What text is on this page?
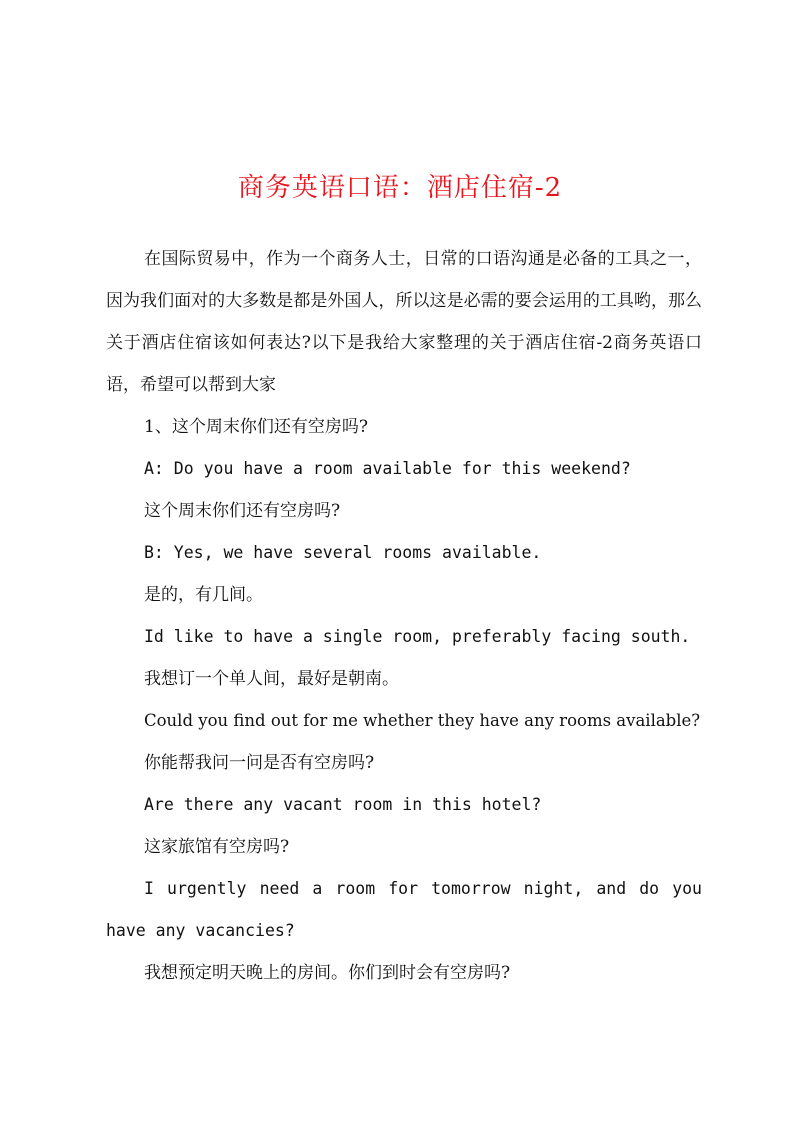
商务英语口语：酒店住宿-2

在国际贸易中，作为一个商务人士，日常的口语沟通是必备的工具之一，因为我们面对的大多数是都是外国人，所以这是必需的要会运用的工具哟，那么关于酒店住宿该如何表达?以下是我给大家整理的关于酒店住宿-2商务英语口语，希望可以帮到大家

1、这个周末你们还有空房吗?

A: Do you have a room available for this weekend?

这个周末你们还有空房吗?

B: Yes, we have several rooms available.

是的，有几间。

Id like to have a single room, preferably facing south.

我想订一个单人间，最好是朝南。

Could you find out for me whether they have any rooms available?

你能帮我问一问是否有空房吗?

Are there any vacant room in this hotel?

这家旅馆有空房吗?

I urgently need a room for tomorrow night, and do you have any vacancies?

我想预定明天晚上的房间。你们到时会有空房吗?
